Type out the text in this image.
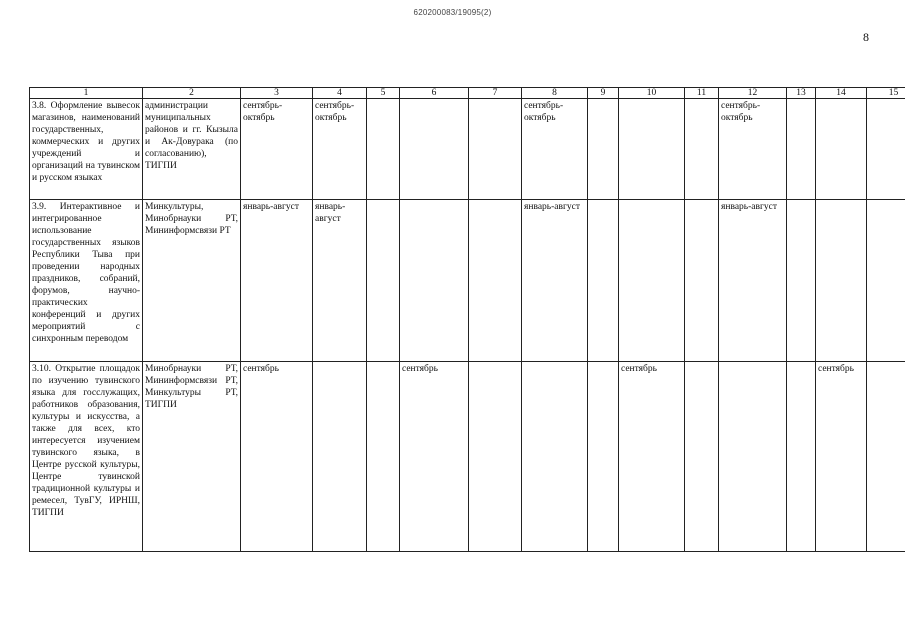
620200083/19095(2)
8
1	2	3	4	5	6	7	8	9	10	11	12	13	14	15
3.8. Оформление вывесок магазинов, наименований государственных, коммерческих и других учреждений и организаций на тувинском и русском языках	администрации муниципальных районов и гг. Кызыла и Ак-Довурака (по согласованию), ТИГПИ	сентябрь-октябрь	сентябрь-октябрь				сентябрь-октябрь				сентябрь-октябрь			
3.9. Интерактивное и интегрированное использование государственных языков Республики Тыва при проведении народных праздников, собраний, форумов, научно-практических конференций и других мероприятий с синхронным переводом	Минкультуры, Минобрнауки РТ, Мининформсвязи РТ	январь-август	январь-август				январь-август				январь-август			
3.10. Открытие площадок по изучению тувинского языка для госслужащих, работников образования, культуры и искусства, а также для всех, кто интересуется изучением тувинского языка, в Центре русской культуры, Центре тувинской традиционной культуры и ремесел, ТувГУ, ИРНШ, ТИГПИ	Минобрнауки РТ, Мининформсвязи РТ, Минкультуры РТ, ТИГПИ	сентябрь			сентябрь				сентябрь				сентябрь	
